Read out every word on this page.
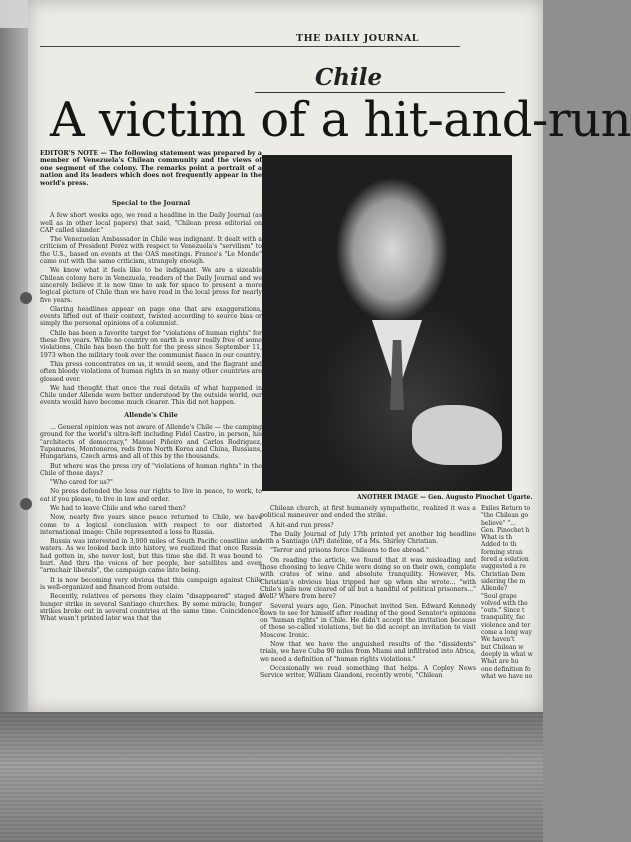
THE DAILY JOURNAL
Chile
A victim of a hit-and-run
EDITOR'S NOTE — The following statement was prepared by a member of Venezuela's Chilean community and the views of one segment of the colony. The remarks point a portrait of a nation and its leaders which does not frequently appear in the world's press.

Special to the Journal

A few short weeks ago, we read a headline in the Daily Journal (as well as in other local papers) that said, "Chilean press editorial on CAP called slander."

The Venezuelan Ambassador in Chile was indignant. It dealt with a criticism of President Perez with respect to Venezuela's "servilism" to the U.S., based on events at the OAS meetings. France's "Le Monde" came out with the same criticism, strangely enough.

We know what it feels like to be indignant. We are a sizeable Chilean colony here in Venezuela, readers of the Daily Journal and we sincerely believe it is now time to ask for space to present a more logical picture of Chile than we have read in the local press for nearly five years.

Glaring headlines appear on page one that are exaggerations, events lifted out of their context, twisted according to source bias or simply the personal opinions of a columnist.

Chile has been a favorite target for "violations of human rights" for these five years. While no country on earth is ever really free of some violations, Chile has been the butt for the press since September 11, 1973 when the military took over the communist fiasco in our country.

This press concentrates on us, it would seem, and the flagrant and often bloody violations of human rights in so many other countries are glossed over.

We had thought that once the real details of what happened in Chile under Allende were better understood by the outside world, our events would have become much clearer. This did not happen.

Allende's Chile

... General opinion was not aware of Allende's Chile — the camping ground for the world's ultra-left including Fidel Castro, in person, his "architects of democracy," Manuel Piñeiro and Carlos Rodriguez, Tupamaros, Montoneros, reds from North Korea and China, Russians, Hungarians, Czech arms and all of this by the thousands.

But where was the press cry of "violations of human rights" in the Chile of those days?

"Who cared for us?"

No press defended the loss our rights to live in peace, to work, to eat if you please, to live in law and order.

We had to leave Chile and who cared then?

Now, nearly five years since peace returned to Chile, we have come to a logical conclusion with respect to our distorted international image: Chile represented a loss to Russia.

Russia was interested in 3,000 miles of South Pacific coastline and waters. As we looked back into history, we realized that once Russia had gotten in, she never lost, but this time she did. It was bound to hurt. And thru the voices of her people, her satellites and even "armchair liberals", the campaign came into being.

It is now becoming very obvious that this campaign against Chile is well-organized and financed from outside.

Recently, relatives of persons they claim "disappeared" staged a hunger strike in several Santiago churches. By some miracle, hunger strikes broke out in several countries at the same time. Coincidence? What wasn't printed later was that the

ANOTHER IMAGE — Gen. Augusto Pinochet Ugarte.

Chilean church, at first humanely sympathetic, realized it was a political maneuver and ended the strike.

A hit-and run press?

The Daily Journal of July 17th printed yet another big headline with a Santiago (AP) dateline, of a Ms. Shirley Christian.

"Terror and prisons force Chileans to flee abroad."

On reading the article, we found that it was misleading and those choosing to leave Chile were doing so on their own, complete with crates of wine and absolute tranquility. However, Ms. Christian's obvious bias tripped her up when she wrote... "with Chile's jails now cleared of all but a handful of political prisoners..." Well? Where from here?

Several years ago, Gen. Pinochet invited Sen. Edward Kennedy down to see for himself after reading of the good Senator's opinions on "human rights" in Chile. He didn't accept the invitation because of these so-called violations, but he did accept an invitation to visit Moscow. Ironic.

Now that we have the anguished results of the "dissidents" trials, we have Cuba 90 miles from Miami and infiltrated into Africa, we need a definition of "human rights violations."

Occasionally we read something that helps. A Copley News Service writer, William Giandoni, recently wrote, "Chilean

Exiles Return to
"the Chilean go
believe" "...
Gen. Pinochet h
What is th
Added to th
forming stran
fered a solution
suggested a re
Christian Dem
sidering the m
Allende?
"Soul grape
volved with the
"outs." Since t
tranquility, fac
violence and ter
come a long way
We haven't
but Chilean w
deeply in what w
What are hu
one definition fo
what we have no
